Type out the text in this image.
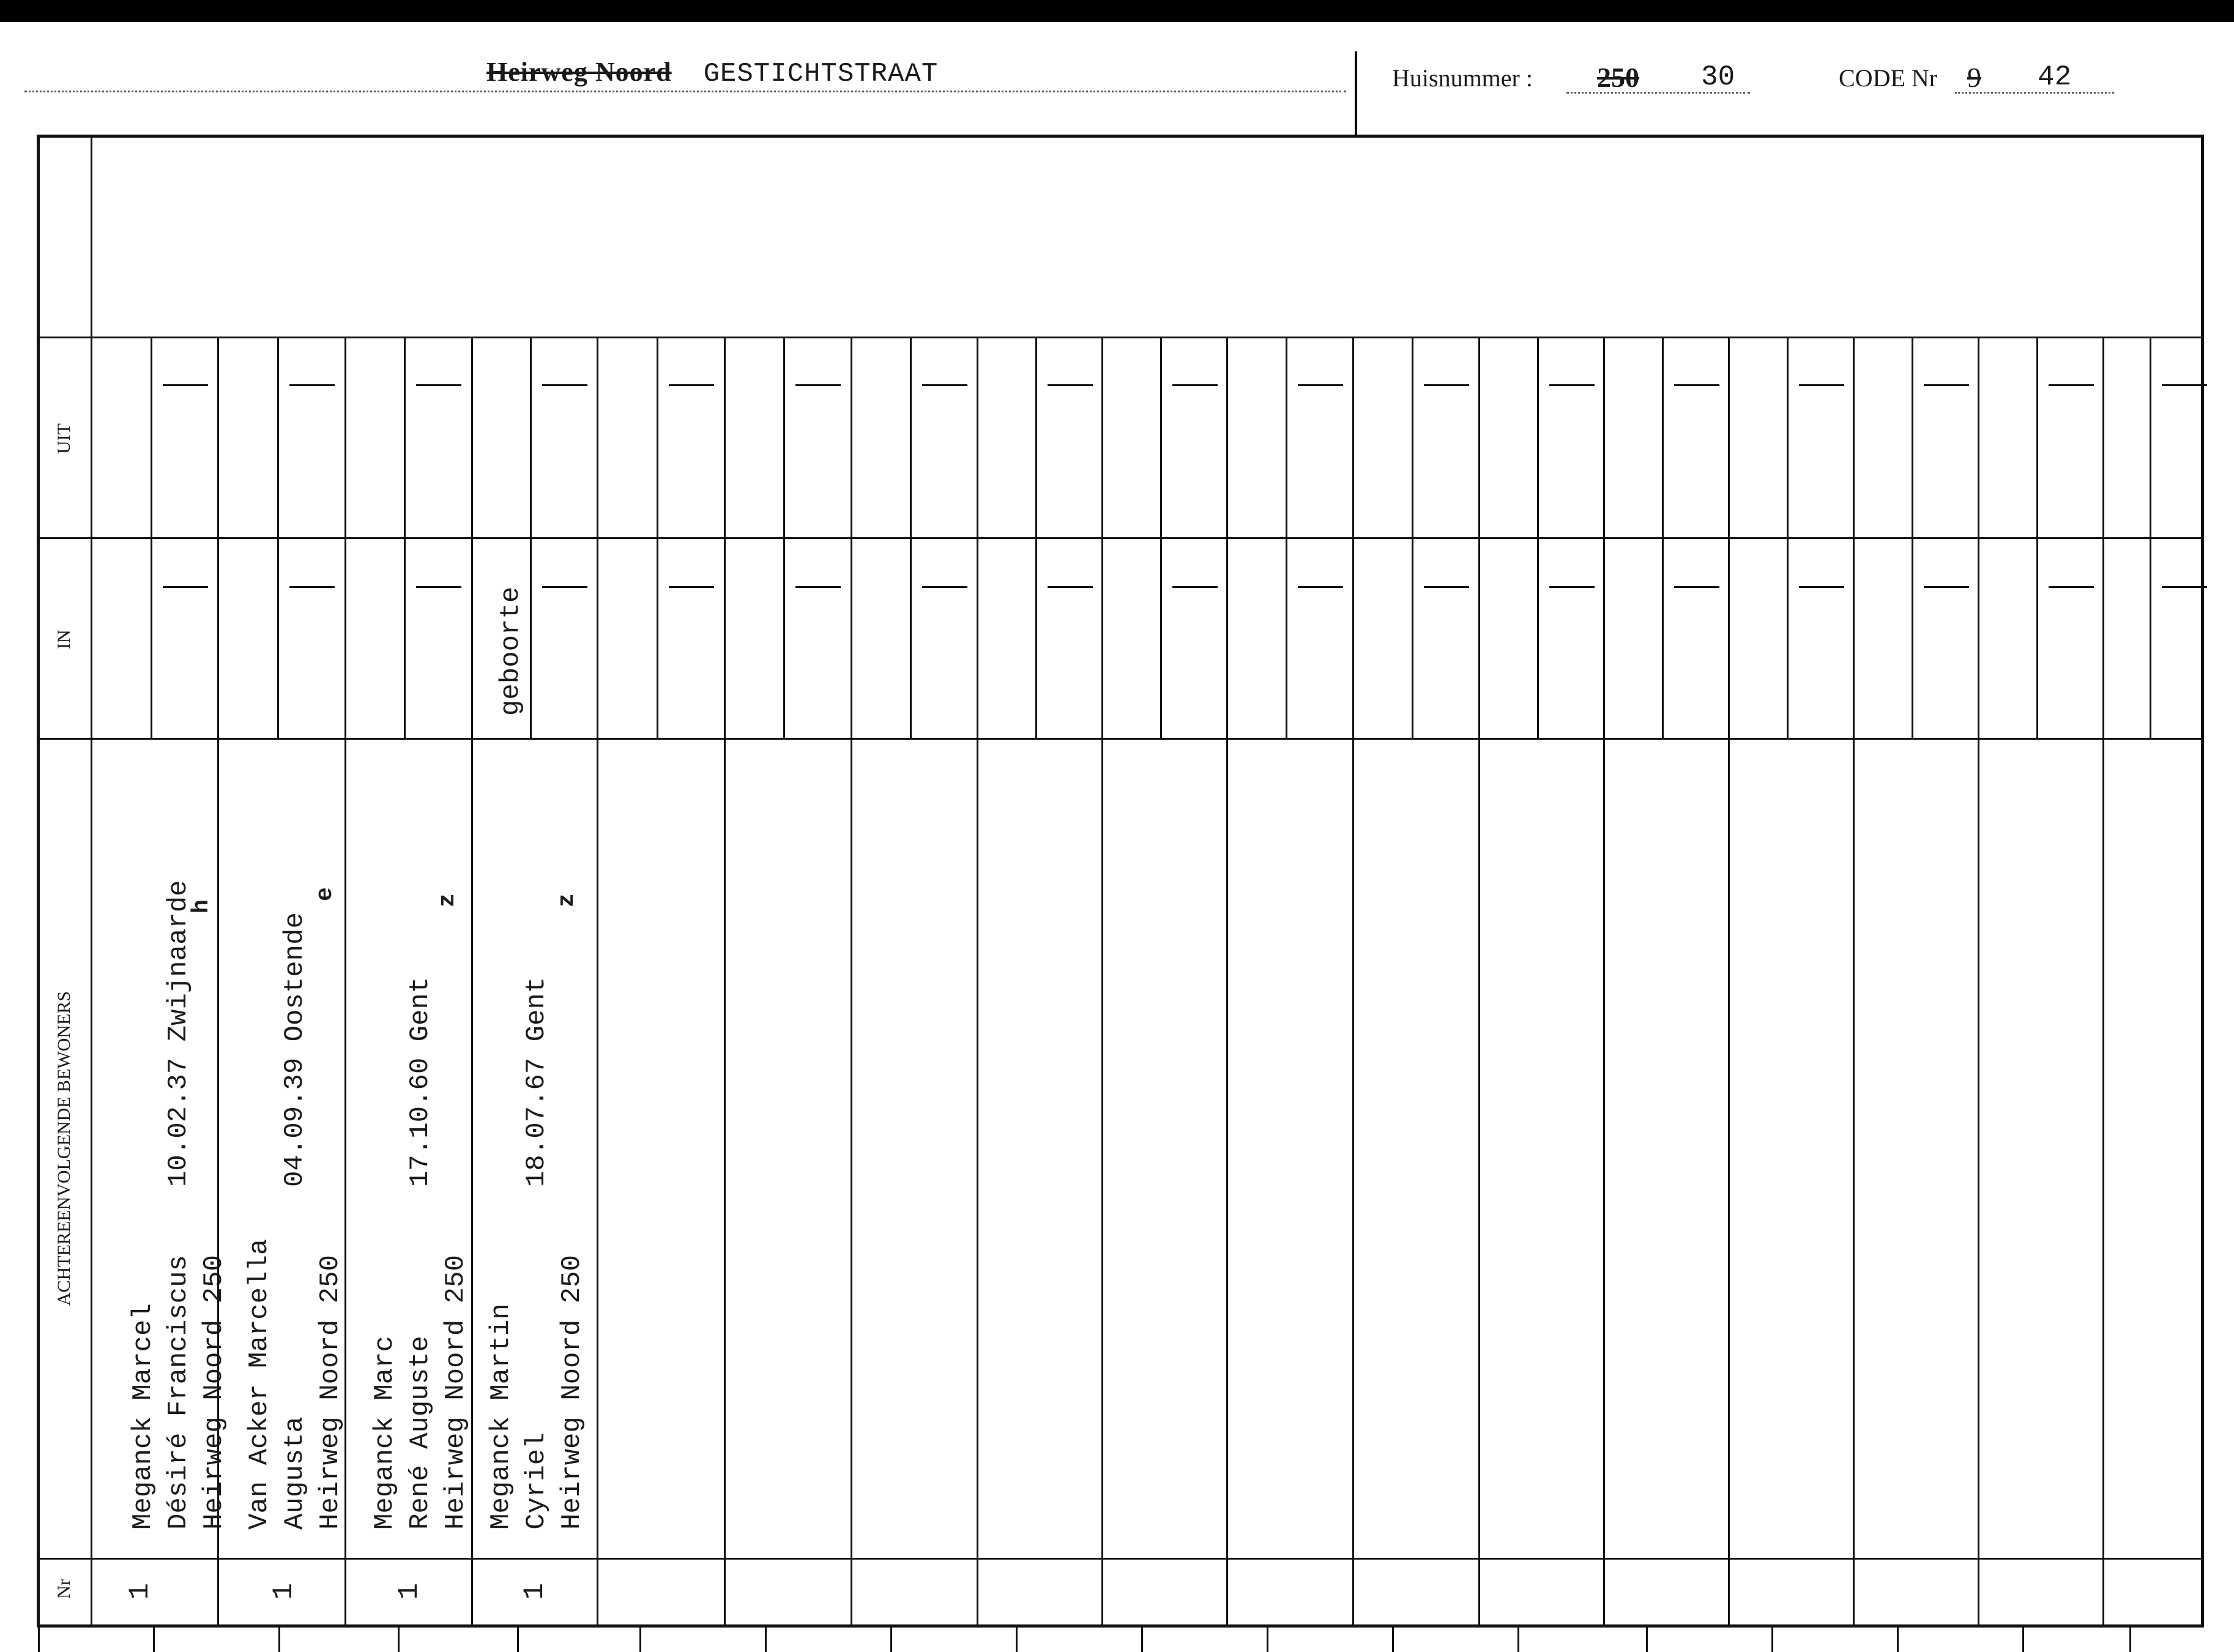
Heirweg Noord GESTICHTSTRAAT	Huisnummer : 250 30	CODE Nr 9 42
UIT
IN
ACHTEREENVOLGENDE BEWONERS
Nr
Meganck Marcel Désiré Franciscus
10.02.37

Zwijnaarde
Heirweg Noord 250
h
1
Van Acker Marcella Augusta
04.09.39

Oostende
Heirweg Noord 250
e
1
Meganck Marc René Auguste
17.10.60

Gent
Heirweg Noord 250
z
1
Meganck Martin Cyriel
18.07.67

Gent
Heirweg Noord 250
z
1
geboorte
